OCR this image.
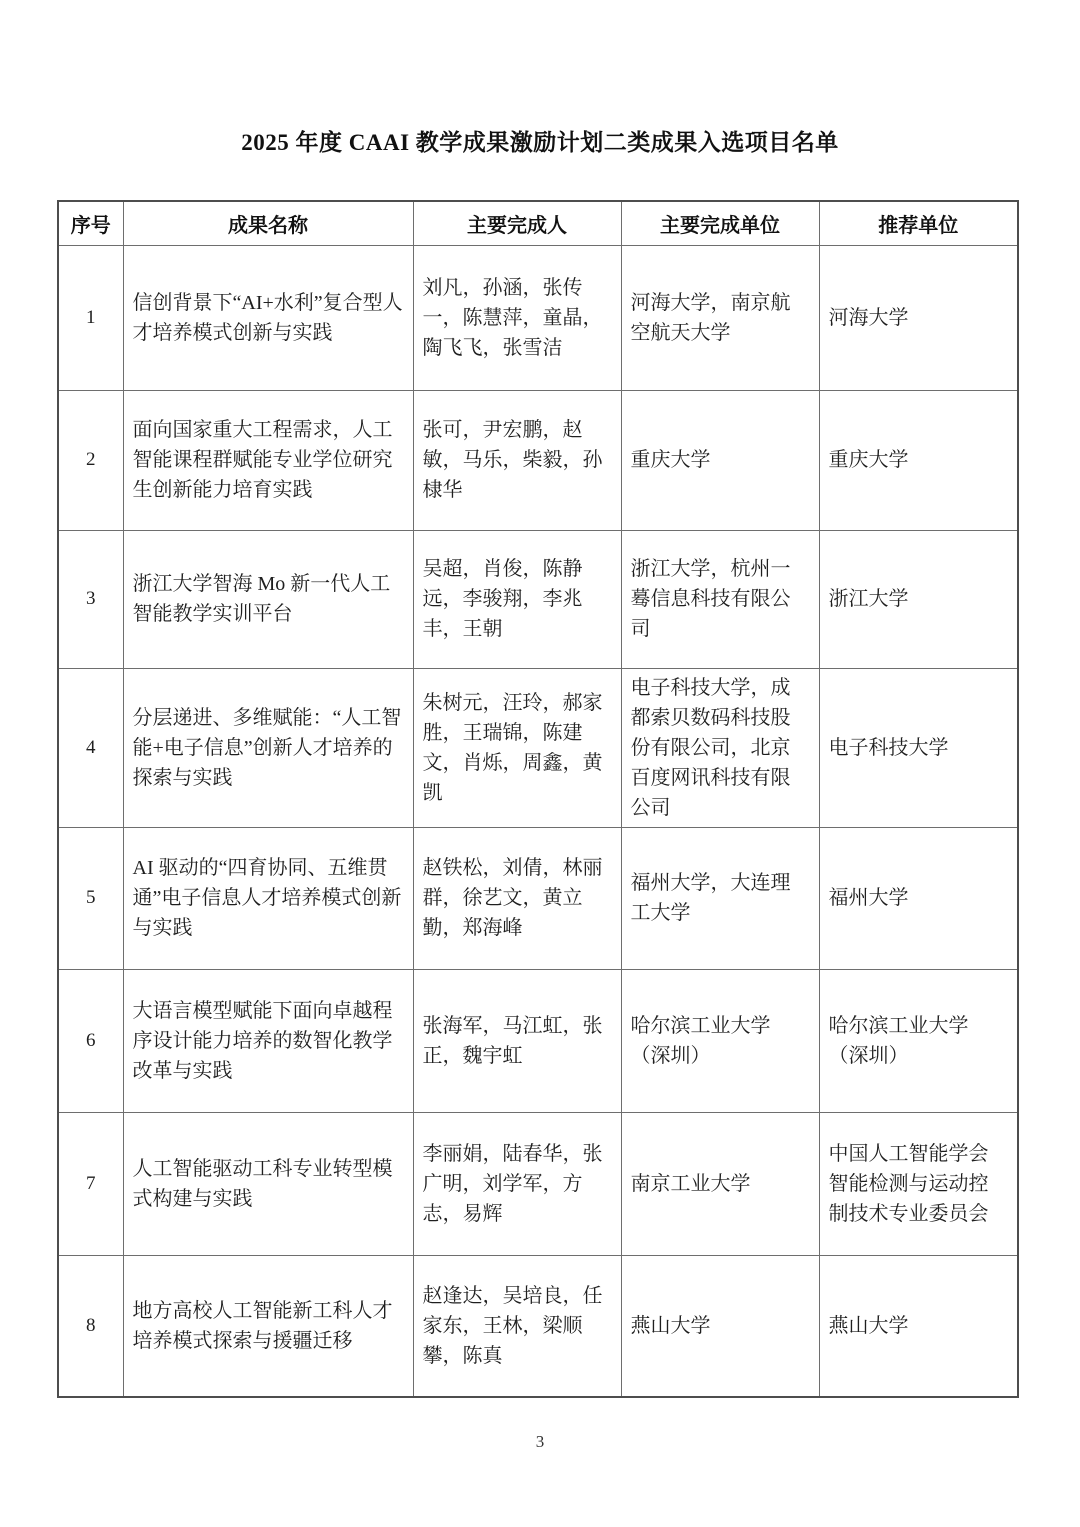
2025 年度 CAAI 教学成果激励计划二类成果入选项目名单
序号	成果名称	主要完成人	主要完成单位	推荐单位
1	信创背景下“AI+水利”复合型人才培养模式创新与实践	刘凡，孙涵，张传一，陈慧萍，童晶，陶飞飞，张雪洁	河海大学，南京航空航天大学	河海大学
2	面向国家重大工程需求，人工智能课程群赋能专业学位研究生创新能力培育实践	张可，尹宏鹏，赵敏，马乐，柴毅，孙棣华	重庆大学	重庆大学
3	浙江大学智海 Mo 新一代人工智能教学实训平台	吴超，肖俊，陈静远，李骏翔，李兆丰，王朝	浙江大学，杭州一蓦信息科技有限公司	浙江大学
4	分层递进、多维赋能：“人工智能+电子信息”创新人才培养的探索与实践	朱树元，汪玲，郝家胜，王瑞锦，陈建文，肖烁，周鑫，黄凯	电子科技大学，成都索贝数码科技股份有限公司，北京百度网讯科技有限公司	电子科技大学
5	AI 驱动的“四育协同、五维贯通”电子信息人才培养模式创新与实践	赵铁松，刘倩，林丽群，徐艺文，黄立勤，郑海峰	福州大学，大连理工大学	福州大学
6	大语言模型赋能下面向卓越程序设计能力培养的数智化教学改革与实践	张海军，马江虹，张正，魏宇虹	哈尔滨工业大学（深圳）	哈尔滨工业大学（深圳）
7	人工智能驱动工科专业转型模式构建与实践	李丽娟，陆春华，张广明，刘学军，方志，易辉	南京工业大学	中国人工智能学会智能检测与运动控制技术专业委员会
8	地方高校人工智能新工科人才培养模式探索与援疆迁移	赵逢达，吴培良，任家东，王林，梁顺攀，陈真	燕山大学	燕山大学
3
